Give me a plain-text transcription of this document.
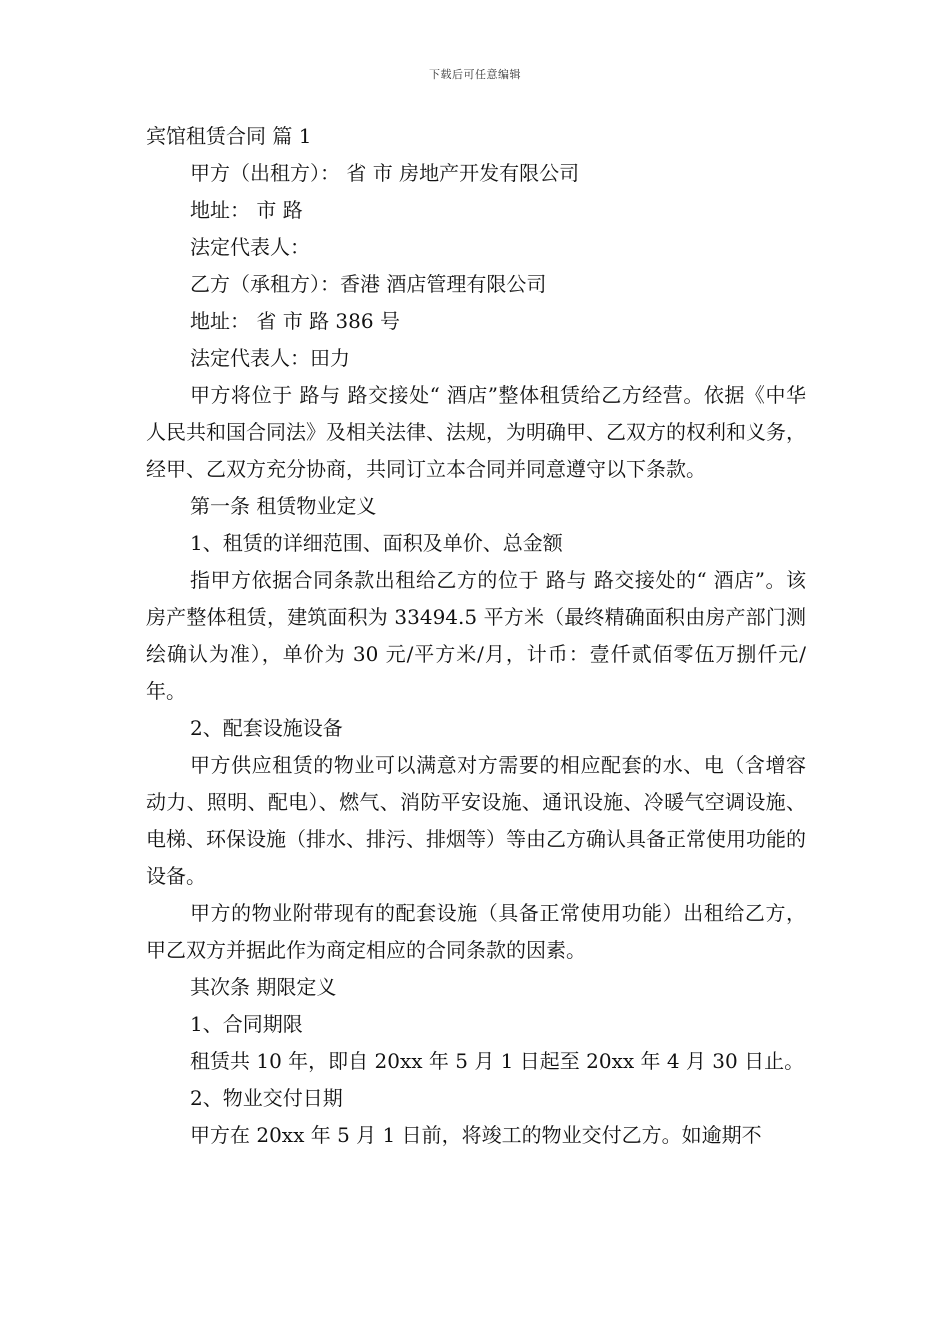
下载后可任意编辑

宾馆租赁合同 篇 1

甲方（出租方）： 省 市 房地产开发有限公司

地址： 市 路

法定代表人：

乙方（承租方）：香港 酒店管理有限公司

地址： 省 市 路 386 号

法定代表人：田力

甲方将位于 路与 路交接处“ 酒店”整体租赁给乙方经营。依据《中华人民共和国合同法》及相关法律、法规，为明确甲、乙双方的权利和义务，经甲、乙双方充分协商，共同订立本合同并同意遵守以下条款。

第一条 租赁物业定义

1、租赁的详细范围、面积及单价、总金额

指甲方依据合同条款出租给乙方的位于 路与 路交接处的“ 酒店”。该房产整体租赁，建筑面积为 33494.5 平方米（最终精确面积由房产部门测绘确认为准），单价为 30 元/平方米/月，计币：壹仟贰佰零伍万捌仟元/年。

2、配套设施设备

甲方供应租赁的物业可以满意对方需要的相应配套的水、电（含增容动力、照明、配电）、燃气、消防平安设施、通讯设施、冷暖气空调设施、电梯、环保设施（排水、排污、排烟等）等由乙方确认具备正常使用功能的设备。

甲方的物业附带现有的配套设施（具备正常使用功能）出租给乙方，甲乙双方并据此作为商定相应的合同条款的因素。

其次条 期限定义

1、合同期限

租赁共 10 年，即自 20xx 年 5 月 1 日起至 20xx 年 4 月 30 日止。

2、物业交付日期

甲方在 20xx 年 5 月 1 日前，将竣工的物业交付乙方。如逾期不
